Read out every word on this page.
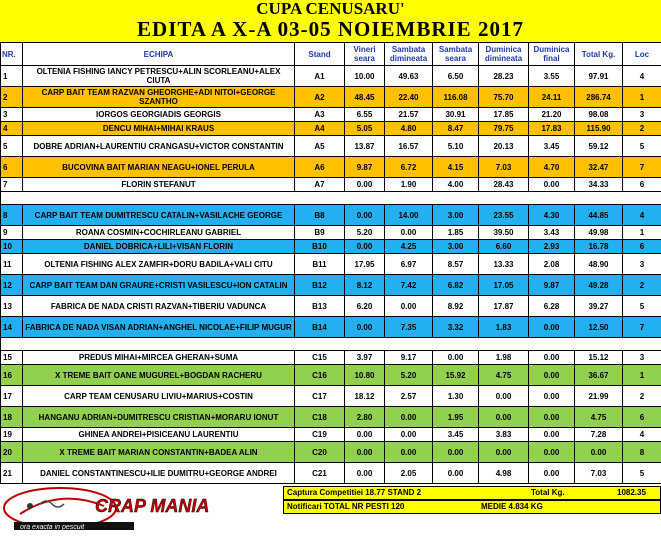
CUPA CENUSARU'
EDITA A X-A 03-05 NOIEMBRIE 2017
NR.	ECHIPA	Stand	Vineri seara	Sambata dimineata	Sambata seara	Duminica dimineata	Duminica final	Total Kg.	Loc
1	OLTENIA FISHING IANCY PETRESCU+ALIN SCORLEANU+ALEX CIUTA	A1	10.00	49.63	6.50	28.23	3.55	97.91	4
2	CARP BAIT TEAM RAZVAN GHEORGHE+ADI NITOI+GEORGE SZANTHO	A2	48.45	22.40	116.08	75.70	24.11	286.74	1
3	IORGOS GEORGIADIS GEORGIS	A3	6.55	21.57	30.91	17.85	21.20	98.08	3
4	DENCU MIHAI+MIHAI KRAUS	A4	5.05	4.80	8.47	79.75	17.83	115.90	2
5	DOBRE ADRIAN+LAURENTIU CRANGASU+VICTOR CONSTANTIN	A5	13.87	16.57	5.10	20.13	3.45	59.12	5
6	BUCOVINA BAIT MARIAN NEAGU+IONEL PERULA	A6	9.87	6.72	4.15	7.03	4.70	32.47	7
7	FLORIN STEFANUT	A7	0.00	1.90	4.00	28.43	0.00	34.33	6

8	CARP BAIT TEAM DUMITRESCU CATALIN+VASILACHE GEORGE	B8	0.00	14.00	3.00	23.55	4.30	44.85	4
9	ROANA COSMIN+COCHIRLEANU GABRIEL	B9	5.20	0.00	1.85	39.50	3.43	49.98	1
10	DANIEL DOBRICA+LILI+VISAN FLORIN	B10	0.00	4.25	3.00	6.60	2.93	16.78	6
11	OLTENIA FISHING ALEX ZAMFIR+DORU BADILA+VALI CITU	B11	17.95	6.97	8.57	13.33	2.08	48.90	3
12	CARP BAIT TEAM DAN GRAURE+CRISTI VASILESCU+ION CATALIN	B12	8.12	7.42	6.82	17.05	9.87	49.28	2
13	FABRICA DE NADA CRISTI RAZVAN+TIBERIU VADUNCA	B13	6.20	0.00	8.92	17.87	6.28	39.27	5
14	FABRICA DE NADA VISAN ADRIAN+ANGHEL NICOLAE+FILIP MUGUR	B14	0.00	7.35	3.32	1.83	0.00	12.50	7

15	PREDUS MIHAI+MIRCEA GHERAN+SUMA	C15	3.97	9.17	0.00	1.98	0.00	15.12	3
16	X TREME BAIT OANE MUGUREL+BOGDAN RACHERU	C16	10.80	5.20	15.92	4.75	0.00	36.67	1
17	CARP TEAM CENUSARU LIVIU+MARIUS+COSTIN	C17	18.12	2.57	1.30	0.00	0.00	21.99	2
18	HANGANU ADRIAN+DUMITRESCU CRISTIAN+MORARU IONUT	C18	2.80	0.00	1.95	0.00	0.00	4.75	6
19	GHINEA ANDREI+PISICEANU LAURENTIU	C19	0.00	0.00	3.45	3.83	0.00	7.28	4
20	X TREME BAIT MARIAN CONSTANTIN+BADEA ALIN	C20	0.00	0.00	0.00	0.00	0.00	0.00	8
21	DANIEL CONSTANTINESCU+ILIE DUMITRU+GEORGE ANDREI	C21	0.00	2.05	0.00	4.98	0.00	7.03	5
CRAP MANIA
ora exacta in pescuit
Captura Competitiei 18.77 STAND 2	Total Kg.	1082.35
Notificari TOTAL NR PESTI 120	MEDIE 4.834 KG
